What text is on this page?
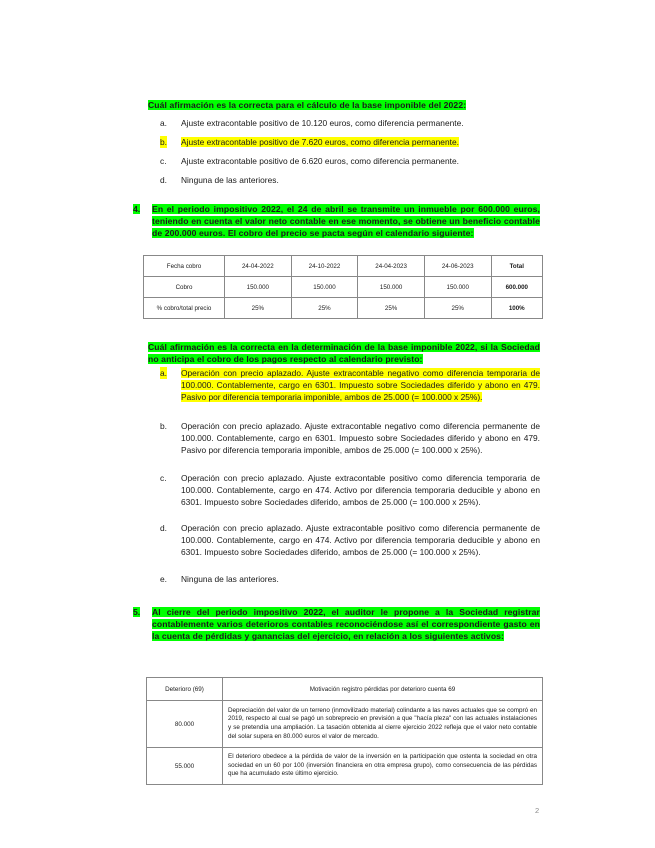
Cuál afirmación es la correcta para el cálculo de la base imponible del 2022:
a. Ajuste extracontable positivo de 10.120 euros, como diferencia permanente.
b. Ajuste extracontable positivo de 7.620 euros, como diferencia permanente.
c. Ajuste extracontable positivo de 6.620 euros, como diferencia permanente.
d. Ninguna de las anteriores.
4. En el periodo impositivo 2022, el 24 de abril se transmite un inmueble por 600.000 euros, teniendo en cuenta el valor neto contable en ese momento, se obtiene un beneficio contable de 200.000 euros. El cobro del precio se pacta según el calendario siguiente:
Fecha cobro	24-04-2022	24-10-2022	24-04-2023	24-06-2023	Total
Cobro	150.000	150.000	150.000	150.000	600.000
% cobro/total precio	25%	25%	25%	25%	100%
Cuál afirmación es la correcta en la determinación de la base imponible 2022, si la Sociedad no anticipa el cobro de los pagos respecto al calendario previsto:
a. Operación con precio aplazado. Ajuste extracontable negativo como diferencia temporaria de 100.000. Contablemente, cargo en 6301. Impuesto sobre Sociedades diferido y abono en 479. Pasivo por diferencia temporaria imponible, ambos de 25.000 (= 100.000 x 25%).
b. Operación con precio aplazado. Ajuste extracontable negativo como diferencia permanente de 100.000. Contablemente, cargo en 6301. Impuesto sobre Sociedades diferido y abono en 479. Pasivo por diferencia temporaria imponible, ambos de 25.000 (= 100.000 x 25%).
c. Operación con precio aplazado. Ajuste extracontable positivo como diferencia temporaria de 100.000. Contablemente, cargo en 474. Activo por diferencia temporaria deducible y abono en 6301. Impuesto sobre Sociedades diferido, ambos de 25.000 (= 100.000 x 25%).
d. Operación con precio aplazado. Ajuste extracontable positivo como diferencia permanente de 100.000. Contablemente, cargo en 474. Activo por diferencia temporaria deducible y abono en 6301. Impuesto sobre Sociedades diferido, ambos de 25.000 (= 100.000 x 25%).
e. Ninguna de las anteriores.
5. Al cierre del periodo impositivo 2022, el auditor le propone a la Sociedad registrar contablemente varios deterioros contables reconociéndose así el correspondiente gasto en la cuenta de pérdidas y ganancias del ejercicio, en relación a los siguientes activos:
Deterioro (69)	Motivación registro pérdidas por deterioro cuenta 69
80.000	Depreciación del valor de un terreno (inmovilizado material) colindante a las naves actuales que se compró en 2019, respecto al cual se pagó un sobreprecio en previsión a que "hacía pleza" con las actuales instalaciones y se pretendía una ampliación. La tasación obtenida al cierre ejercicio 2022 refleja que el valor neto contable del solar supera en 80.000 euros el valor de mercado.
55.000	El deterioro obedece a la pérdida de valor de la inversión en la participación que ostenta la sociedad en otra sociedad en un 60 por 100 (inversión financiera en otra empresa grupo), como consecuencia de las pérdidas que ha acumulado este último ejercicio.
2
